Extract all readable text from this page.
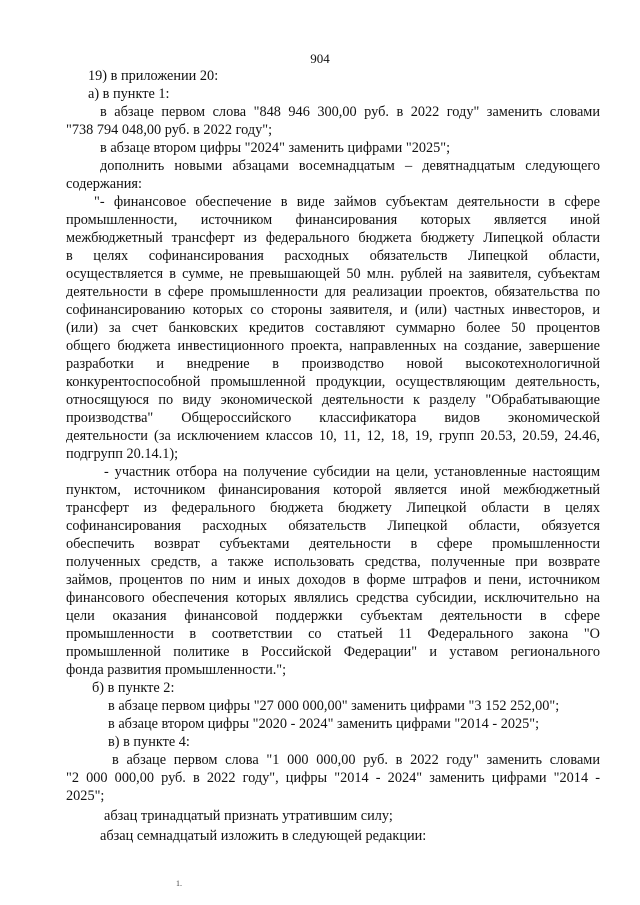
904
19) в приложении 20:
а) в пункте 1:
в абзаце первом слова "848 946 300,00 руб. в 2022 году" заменить словами
"738 794 048,00 руб. в 2022 году";
в абзаце втором цифры "2024" заменить цифрами "2025";
дополнить новыми абзацами восемнадцатым – девятнадцатым следующего
содержания:
"- финансовое обеспечение в виде займов субъектам деятельности в сфере
промышленности, источником финансирования которых является иной
межбюджетный трансферт из федерального бюджета бюджету Липецкой области
в целях софинансирования расходных обязательств Липецкой области,
осуществляется в сумме, не превышающей 50 млн. рублей на заявителя, субъектам
деятельности в сфере промышленности для реализации проектов, обязательства по
софинансированию которых со стороны заявителя, и (или) частных инвесторов, и
(или) за счет банковских кредитов составляют суммарно более 50 процентов
общего бюджета инвестиционного проекта, направленных на создание, завершение
разработки и внедрение в производство новой высокотехнологичной
конкурентоспособной промышленной продукции, осуществляющим деятельность,
относящуюся по виду экономической деятельности к разделу "Обрабатывающие
производства" Общероссийского классификатора видов экономической
деятельности (за исключением классов 10, 11, 12, 18, 19, групп 20.53, 20.59, 24.46,
подгрупп 20.14.1);
- участник отбора на получение субсидии на цели, установленные настоящим
пунктом, источником финансирования которой является иной межбюджетный
трансферт из федерального бюджета бюджету Липецкой области в целях
софинансирования расходных обязательств Липецкой области, обязуется
обеспечить возврат субъектами деятельности в сфере промышленности
полученных средств, а также использовать средства, полученные при возврате
займов, процентов по ним и иных доходов в форме штрафов и пени, источником
финансового обеспечения которых являлись средства субсидии, исключительно на
цели оказания финансовой поддержки субъектам деятельности в сфере
промышленности в соответствии со статьей 11 Федерального закона "О
промышленной политике в Российской Федерации" и уставом регионального
фонда развития промышленности.";
б) в пункте 2:
в абзаце первом цифры "27 000 000,00" заменить цифрами "3 152 252,00";
в абзаце втором цифры "2020 - 2024" заменить цифрами "2014 - 2025";
в) в пункте 4:
в абзаце первом слова "1 000 000,00 руб. в 2022 году" заменить словами
"2 000 000,00 руб. в 2022 году", цифры "2014 - 2024" заменить цифрами "2014 -
2025";
абзац тринадцатый признать утратившим силу;
абзац семнадцатый изложить в следующей редакции:
1.
